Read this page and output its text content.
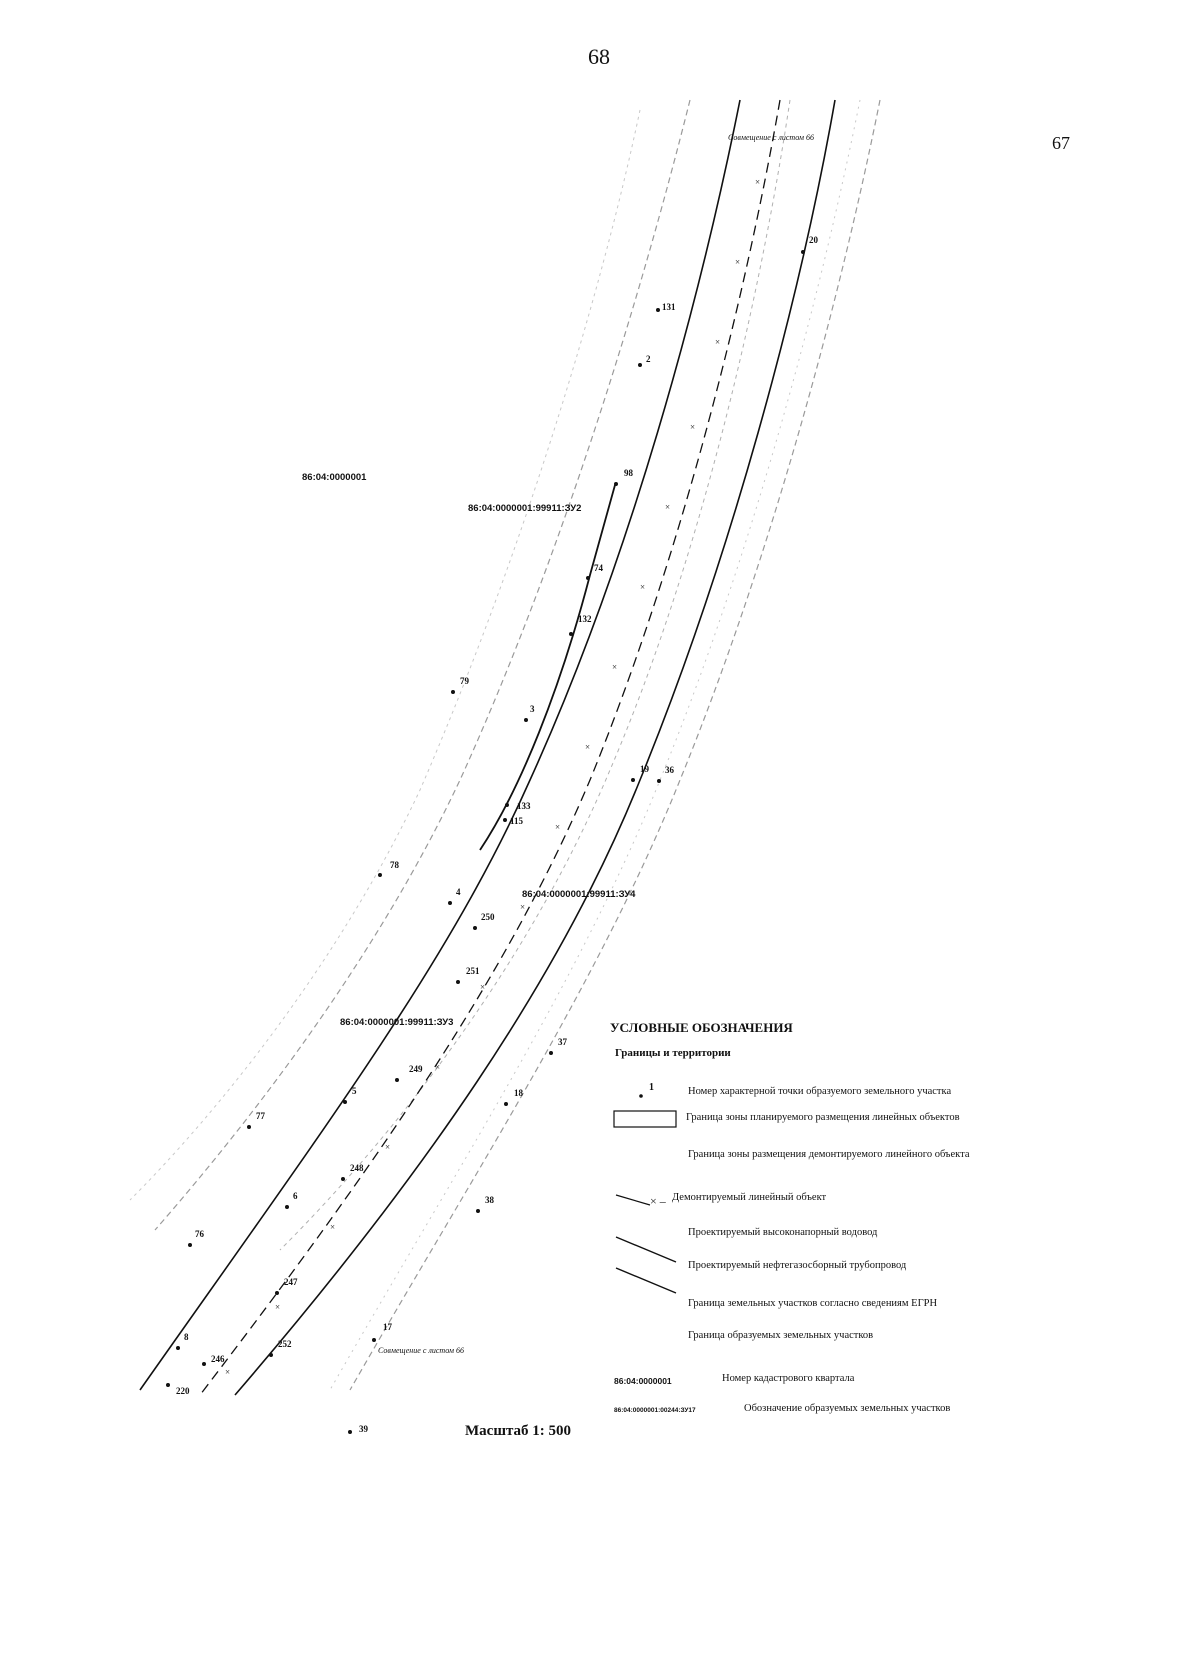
68
67
×
×
×
×
×
×
×
×
×
×
×
×
×
×
×
×
Совмещение с листом 66
Совмещение с листом 66
86:04:0000001
86:04:0000001:99911:ЗУ2
86:04:0000001:99911:ЗУ4
86:04:0000001:99911:ЗУ3
20
131
2
98
74
132
79
3
19 36
133
115
78
4
250
251
37
249
5	18
77
248
6	38
76
247
17
252
8
246
220
39	Масштаб 1: 500
УСЛОВНЫЕ ОБОЗНАЧЕНИЯ
Границы и территории
1	Номер характерной точки образуемого земельного участка
Граница зоны планируемого размещения линейных объектов
Граница зоны размещения демонтируемого линейного объекта
Демонтируемый линейный объект
× –
Проектируемый высоконапорный водовод
Проектируемый нефтегазосборный трубопровод
Граница земельных участков согласно сведениям ЕГРН
Граница образуемых земельных участков
86:04:0000001	Номер кадастрового квартала
86:04:0000001:00244:ЗУ17	Обозначение образуемых земельных участков
